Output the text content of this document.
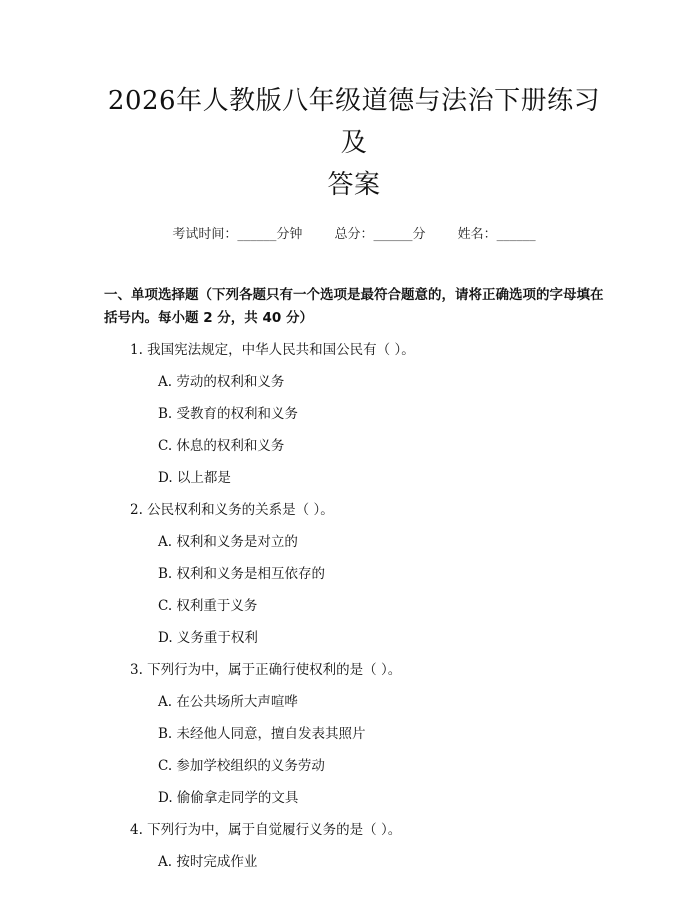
2026年人教版八年级道德与法治下册练习及
答案
考试时间：______分钟 总分：______分 姓名：______
一、单项选择题（下列各题只有一个选项是最符合题意的，请将正确选项的字母填在括号内。每小题 2 分，共 40 分）
1. 我国宪法规定，中华人民共和国公民有（ ）。
A. 劳动的权利和义务
B. 受教育的权利和义务
C. 休息的权利和义务
D. 以上都是
2. 公民权利和义务的关系是（ ）。
A. 权利和义务是对立的
B. 权利和义务是相互依存的
C. 权利重于义务
D. 义务重于权利
3. 下列行为中，属于正确行使权利的是（ ）。
A. 在公共场所大声喧哗
B. 未经他人同意，擅自发表其照片
C. 参加学校组织的义务劳动
D. 偷偷拿走同学的文具
4. 下列行为中，属于自觉履行义务的是（ ）。
A. 按时完成作业
